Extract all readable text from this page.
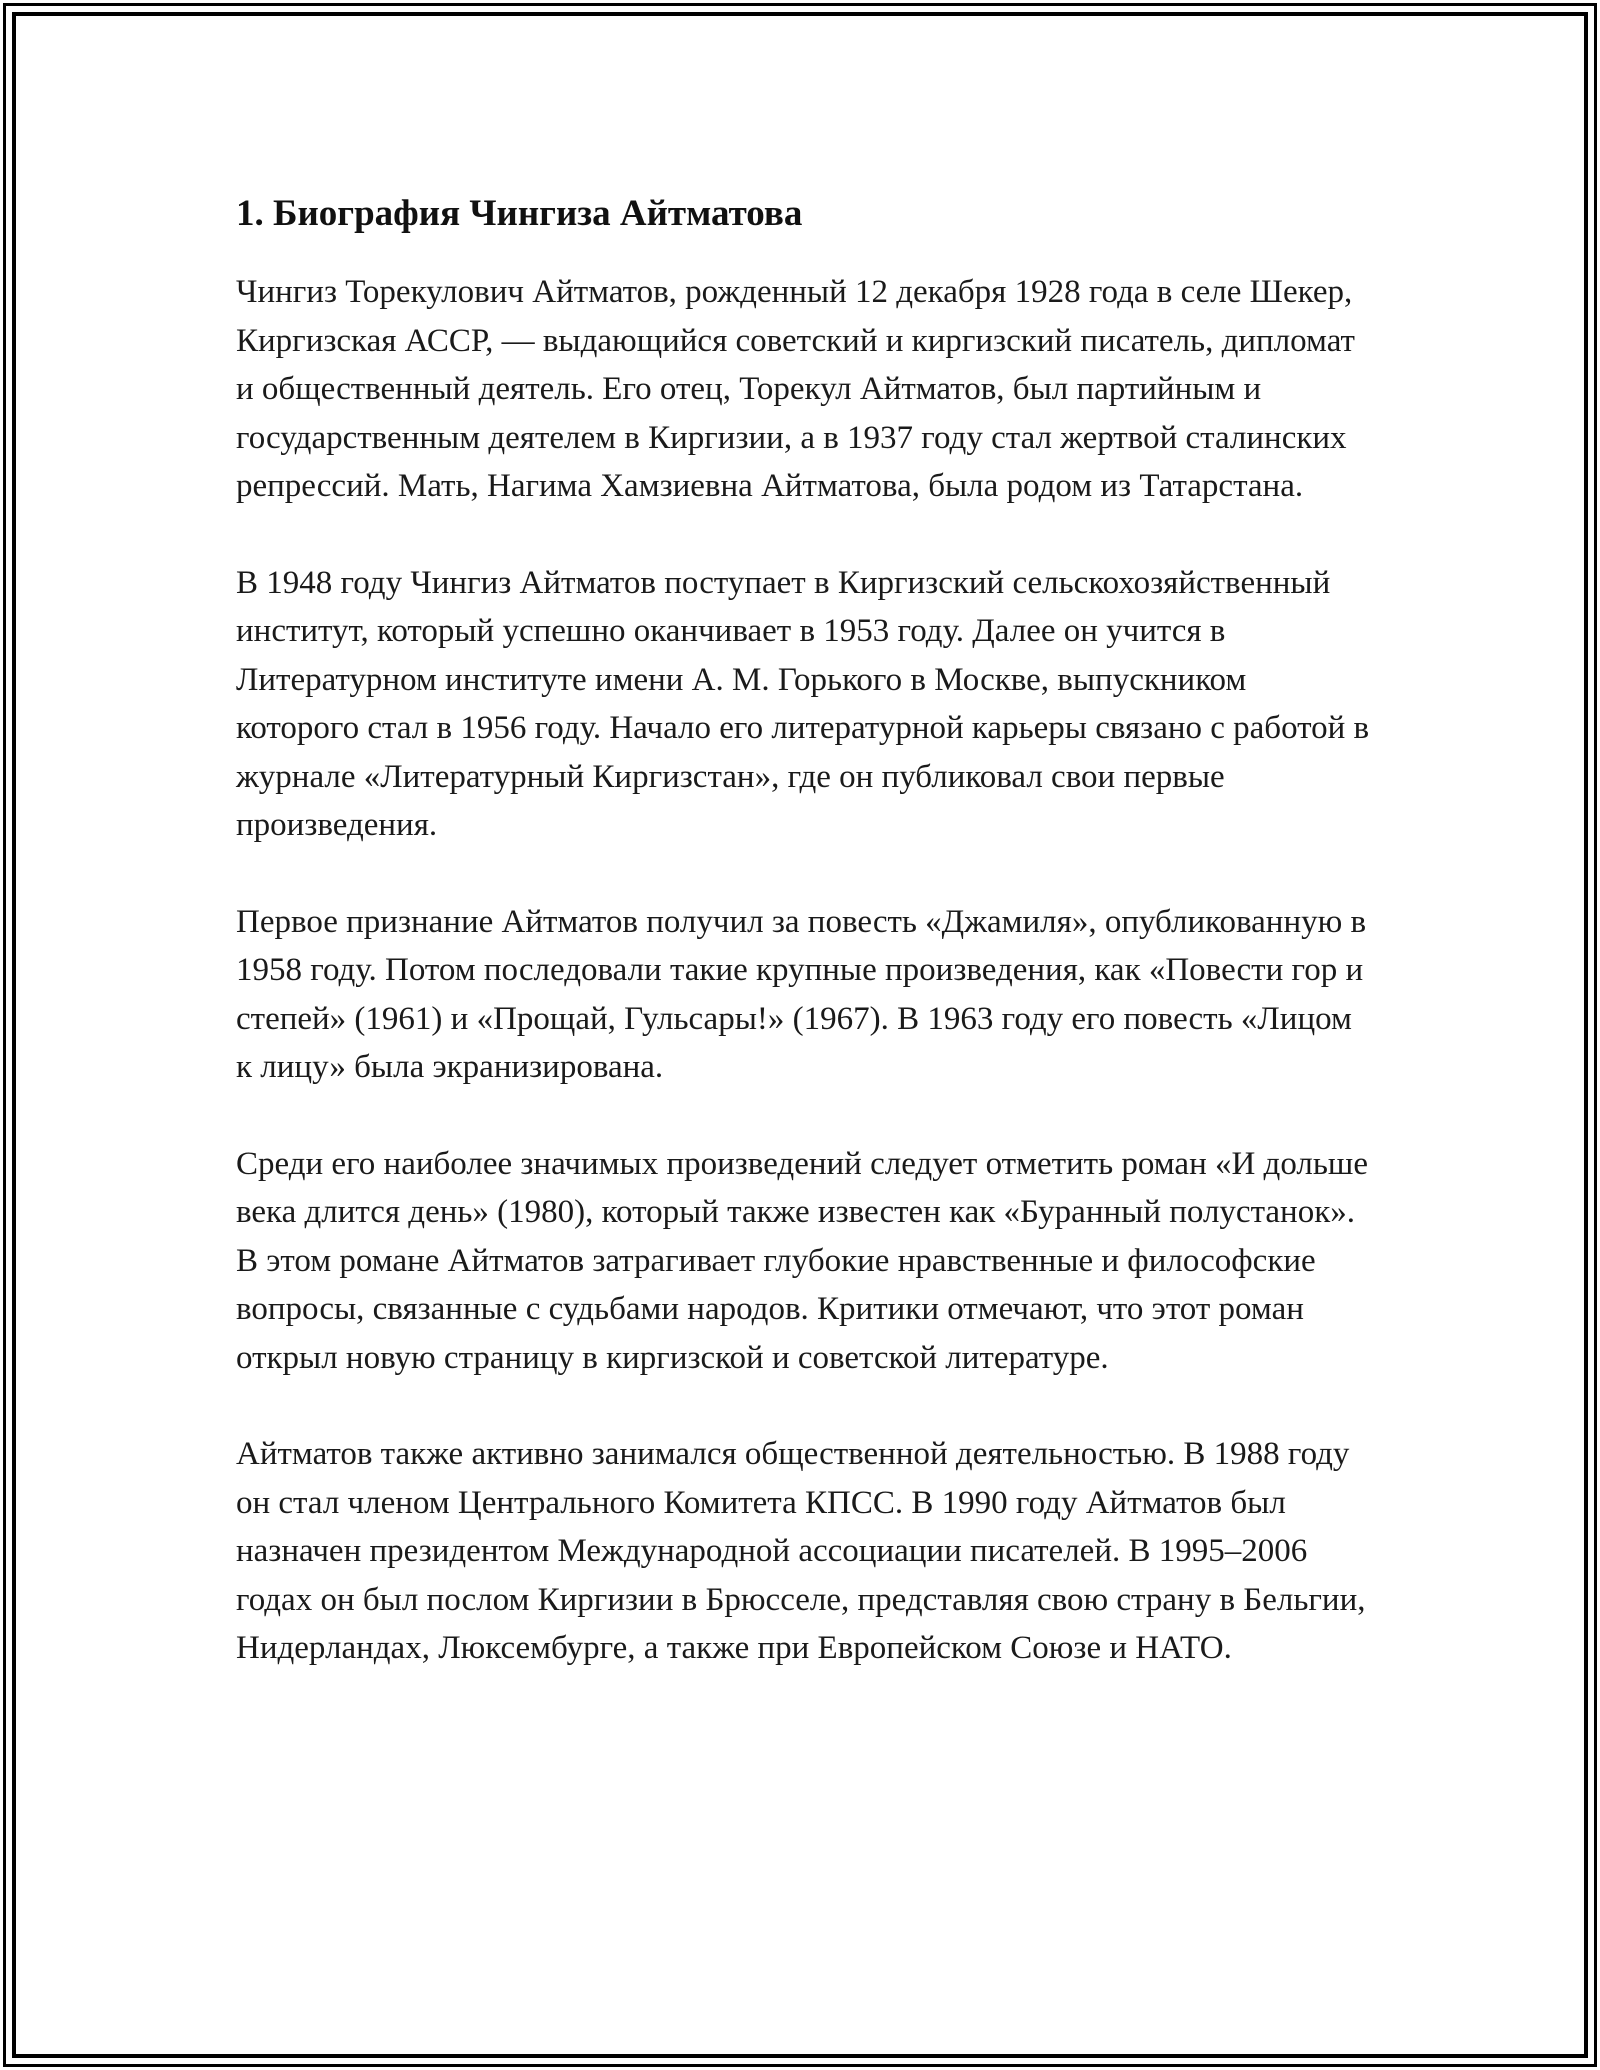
1. Биография Чингиза Айтматова

Чингиз Торекулович Айтматов, рожденный 12 декабря 1928 года в селе Шекер, Киргизская АССР, — выдающийся советский и киргизский писатель, дипломат и общественный деятель. Его отец, Торекул Айтматов, был партийным и государственным деятелем в Киргизии, а в 1937 году стал жертвой сталинских репрессий. Мать, Нагима Хамзиевна Айтматова, была родом из Татарстана.

В 1948 году Чингиз Айтматов поступает в Киргизский сельскохозяйственный институт, который успешно оканчивает в 1953 году. Далее он учится в Литературном институте имени А. М. Горького в Москве, выпускником которого стал в 1956 году. Начало его литературной карьеры связано с работой в журнале «Литературный Киргизстан», где он публиковал свои первые произведения.

Первое признание Айтматов получил за повесть «Джамиля», опубликованную в 1958 году. Потом последовали такие крупные произведения, как «Повести гор и степей» (1961) и «Прощай, Гульсары!» (1967). В 1963 году его повесть «Лицом к лицу» была экранизирована.

Среди его наиболее значимых произведений следует отметить роман «И дольше века длится день» (1980), который также известен как «Буранный полустанок». В этом романе Айтматов затрагивает глубокие нравственные и философские вопросы, связанные с судьбами народов. Критики отмечают, что этот роман открыл новую страницу в киргизской и советской литературе.

Айтматов также активно занимался общественной деятельностью. В 1988 году он стал членом Центрального Комитета КПСС. В 1990 году Айтматов был назначен президентом Международной ассоциации писателей. В 1995–2006 годах он был послом Киргизии в Брюсселе, представляя свою страну в Бельгии, Нидерландах, Люксембурге, а также при Европейском Союзе и НАТО.
